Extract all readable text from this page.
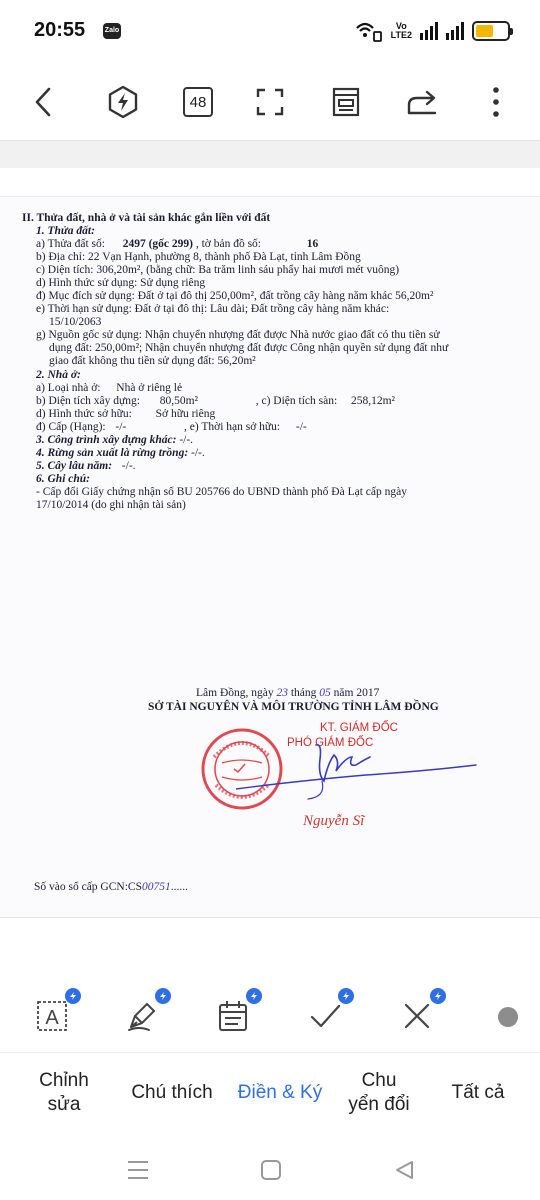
20:55	Zalo	Vo
LTE2
48
II. Thửa đất, nhà ở và tài sản khác gắn liền với đất
1. Thửa đất:
a) Thửa đất số: 2497 (gốc 299) , tờ bản đồ số:	16
b) Địa chỉ: 22 Vạn Hạnh, phường 8, thành phố Đà Lạt, tỉnh Lâm Đồng
c) Diện tích: 306,20m², (bằng chữ: Ba trăm linh sáu phẩy hai mươi mét vuông)
d) Hình thức sử dụng: Sử dụng riêng
đ) Mục đích sử dụng: Đất ở tại đô thị 250,00m², đất trồng cây hàng năm khác 56,20m²
e) Thời hạn sử dụng: Đất ở tại đô thị: Lâu dài; Đất trồng cây hàng năm khác:
15/10/2063
g) Nguồn gốc sử dụng: Nhận chuyển nhượng đất được Nhà nước giao đất có thu tiền sử
dụng đất: 250,00m²; Nhận chuyển nhượng đất được Công nhận quyền sử dụng đất như
giao đất không thu tiền sử dụng đất: 56,20m²
2. Nhà ở:
a) Loại nhà ở: Nhà ở riêng lẻ
b) Diện tích xây dựng: 80,50m²	, c) Diện tích sàn: 258,12m²
d) Hình thức sở hữu: Sở hữu riêng
đ) Cấp (Hạng): -/-	, e) Thời hạn sở hữu: -/-
3. Công trình xây dựng khác: -/-.
4. Rừng sản xuất là rừng trồng: -/-.
5. Cây lâu năm: -/-.
6. Ghi chú:
- Cấp đổi Giấy chứng nhận số BU 205766 do UBND thành phố Đà Lạt cấp ngày
17/10/2014 (do ghi nhận tài sản)
Lâm Đồng, ngày 23 tháng 05 năm 2017
SỞ TÀI NGUYÊN VÀ MÔI TRƯỜNG TỈNH LÂM ĐỒNG
KT. GIÁM ĐỐC
PHÓ GIÁM ĐỐC
Nguyễn Sĩ
Số vào sổ cấp GCN:CS00751......
A
Chỉnh
sửa
Chú thích Điền & Ký
Chu
yển đổi
Tất cả
